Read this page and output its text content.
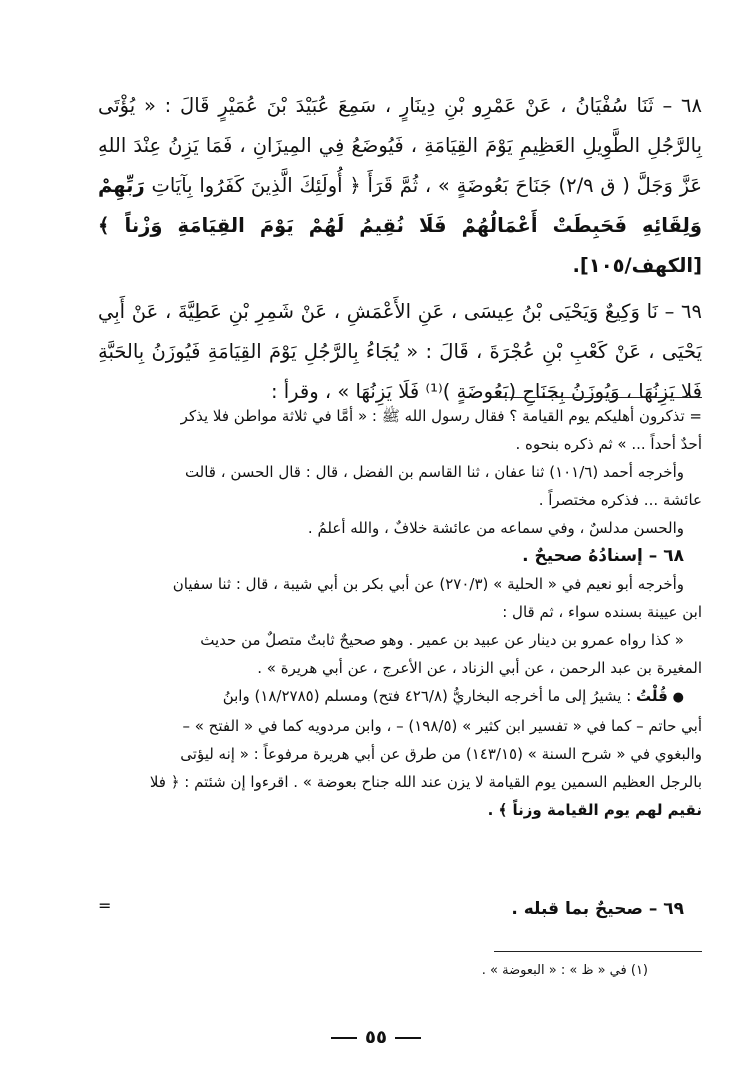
٦٨ – ثَنَا سُفْيَانُ ، عَنْ عَمْرِو بْنِ دِينَارٍ ، سَمِعَ عُبَيْدَ بْنَ عُمَيْرٍ قَالَ : « يُؤْتَى بِالرَّجُلِ الطَّوِيلِ العَظِيمِ يَوْمَ القِيَامَةِ ، فَيُوضَعُ فِي المِيزَانِ ، فَمَا يَزِنُ عِنْدَ اللهِ عَزَّ وَجَلَّ ( ق ٢/٩) جَنَاحَ بَعُوضَةٍ » ، ثُمَّ قَرَأَ ﴿ أُولَئِكَ الَّذِينَ كَفَرُوا بِآيَاتِ رَبِّهِمْ وَلِقَائِهِ فَحَبِطَتْ أَعْمَالُهُمْ فَلَا نُقِيمُ لَهُمْ يَوْمَ القِيَامَةِ وَزْناً ﴾ [الكهف/١٠٥].

٦٩ – نَا وَكِيعٌ وَيَحْيَى بْنُ عِيسَى ، عَنِ الأَعْمَشِ ، عَنْ شَمِرِ بْنِ عَطِيَّةَ ، عَنْ أَبِي يَحْيَى ، عَنْ كَعْبِ بْنِ عُجْرَةَ ، قَالَ : « يُجَاءُ بِالرَّجُلِ يَوْمَ القِيَامَةِ فَيُوزَنُ بِالحَبَّةِ فَلا يَزِنُهَا ، وَيُوزَنُ بِجَنَاحِ (بَعُوضَةٍ )⁽¹⁾ فَلَا يَزِنُهَا » ، وقرأ :

= تذكرون أهليكم يوم القيامة ؟ فقال رسول الله ﷺ : « أمَّا في ثلاثة مواطن فلا يذكر

أحدٌ أحداً ... » ثم ذكره بنحوه .

وأخرجه أحمد (١٠١/٦) ثنا عفان ، ثنا القاسم بن الفضل ، قال : قال الحسن ، قالت

عائشة ... فذكره مختصراً .

والحسن مدلسٌ ، وفي سماعه من عائشة خلافٌ ، والله أعلمُ .

٦٨ – إسنادُهُ صحيحٌ .

وأخرجه أبو نعيم في « الحلية » (٢٧٠/٣) عن أبي بكر بن أبي شيبة ، قال : ثنا سفيان

ابن عيينة بسنده سواء ، ثم قال :

« كذا رواه عمرو بن دينار عن عبيد بن عمير . وهو صحيحٌ ثابتٌ متصلٌ من حديث

المغيرة بن عبد الرحمن ، عن أبي الزناد ، عن الأعرج ، عن أبي هريرة » .

● قُلْتُ : يشيرُ إلى ما أخرجه البخاريُّ (٤٢٦/٨ فتح) ومسلم (١٨/٢٧٨٥) وابنُ

أبي حاتم – كما في « تفسير ابن كثير » (١٩٨/٥) – ، وابن مردويه كما في « الفتح » –

والبغوي في « شرح السنة » (١٤٣/١٥) من طرق عن أبي هريرة مرفوعاً : « إنه ليؤتى

بالرجل العظيم السمين يوم القيامة لا يزن عند الله جناح بعوضة » . اقرءوا إن شئتم : ﴿ فلا

نقيم لهم يوم القيامة وزناً ﴾ .

=	٦٩ – صحيحٌ بما قبله .
(١) في « ظ » : « البعوضة » .
٥٥
